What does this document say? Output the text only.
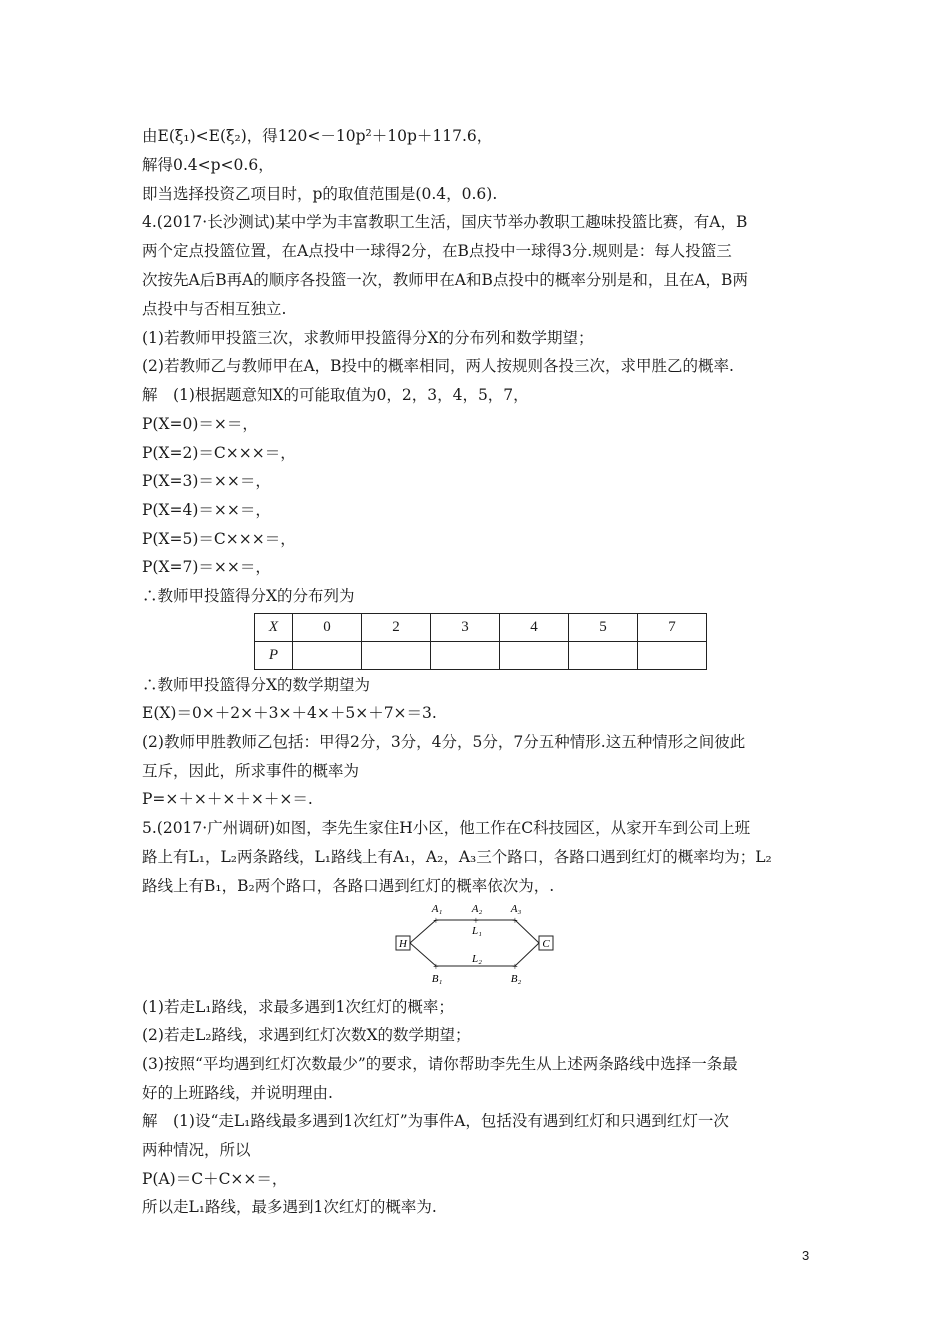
由E(ξ₁)<E(ξ₂)，得120<－10p²＋10p＋117.6，
解得0.4<p<0.6，
即当选择投资乙项目时，p的取值范围是(0.4，0.6).
4.(2017·长沙测试)某中学为丰富教职工生活，国庆节举办教职工趣味投篮比赛，有A，B
两个定点投篮位置，在A点投中一球得2分，在B点投中一球得3分.规则是：每人投篮三
次按先A后B再A的顺序各投篮一次，教师甲在A和B点投中的概率分别是和，且在A，B两
点投中与否相互独立.
(1)若教师甲投篮三次，求教师甲投篮得分X的分布列和数学期望；
(2)若教师乙与教师甲在A，B投中的概率相同，两人按规则各投三次，求甲胜乙的概率.
解　(1)根据题意知X的可能取值为0，2，3，4，5，7，
P(X=0)＝×＝，
P(X=2)＝C×××＝，
P(X=3)＝××＝，
P(X=4)＝××＝，
P(X=5)＝C×××＝，
P(X=7)＝××＝，
∴教师甲投篮得分X的分布列为
X	0	2	3	4	5	7
P						
∴教师甲投篮得分X的数学期望为
E(X)＝0×＋2×＋3×＋4×＋5×＋7×＝3.
(2)教师甲胜教师乙包括：甲得2分，3分，4分，5分，7分五种情形.这五种情形之间彼此
互斥，因此，所求事件的概率为
P=×＋×＋×＋×＋×＝.
5.(2017·广州调研)如图，李先生家住H小区，他工作在C科技园区，从家开车到公司上班
路上有L₁，L₂两条路线，L₁路线上有A₁，A₂，A₃三个路口，各路口遇到红灯的概率均为；L₂
路线上有B₁，B₂两个路口，各路口遇到红灯的概率依次为，.
H	C
+	+	+
+	+
A₁	A₂	A₃
L₁
L₂
B₁	B₂
(1)若走L₁路线，求最多遇到1次红灯的概率；
(2)若走L₂路线，求遇到红灯次数X的数学期望；
(3)按照“平均遇到红灯次数最少”的要求，请你帮助李先生从上述两条路线中选择一条最
好的上班路线，并说明理由.
解　(1)设“走L₁路线最多遇到1次红灯”为事件A，包括没有遇到红灯和只遇到红灯一次
两种情况，所以
P(A)＝C＋C××＝，
所以走L₁路线，最多遇到1次红灯的概率为.
3
